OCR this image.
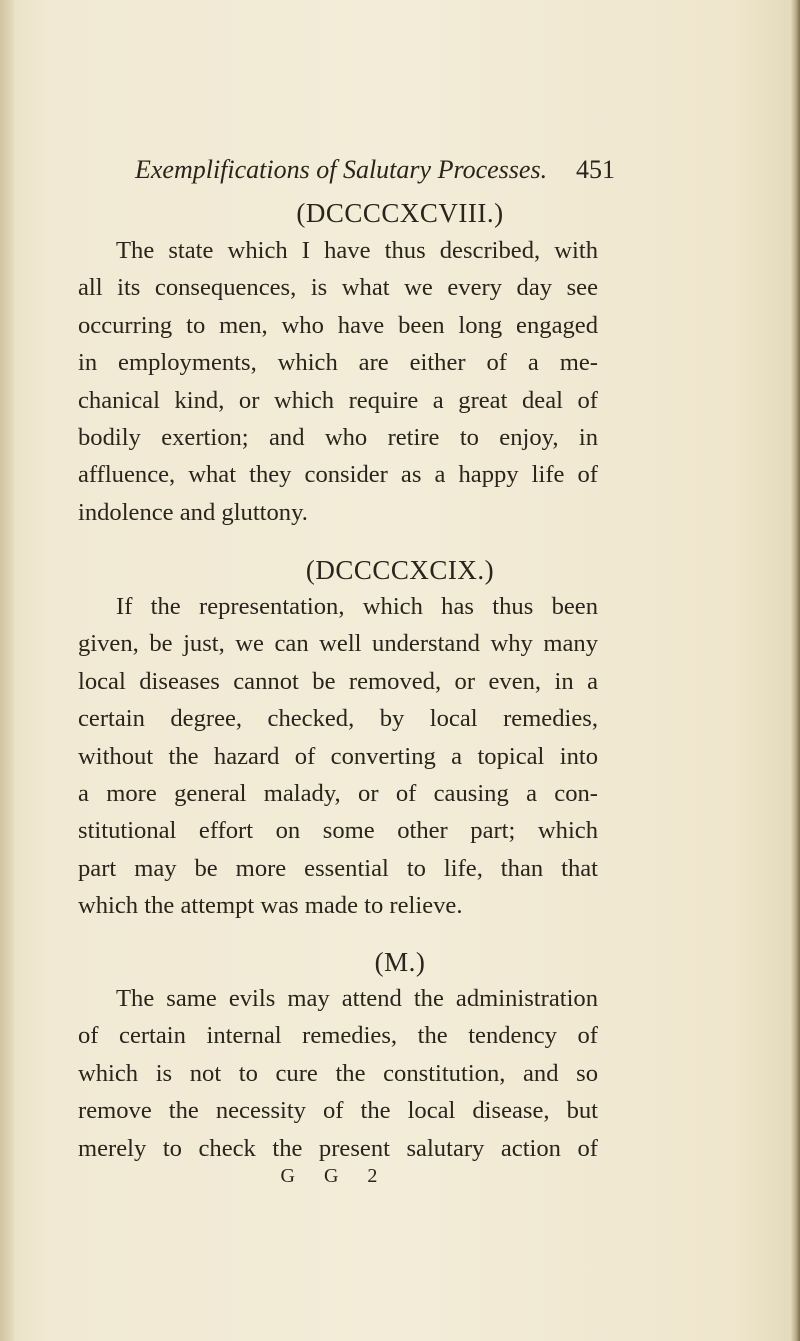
Exemplifications of Salutary Processes. 451
(DCCCCXCVIII.)
The state which I have thus described, with
all its consequences, is what we every day see
occurring to men, who have been long engaged
in employments, which are either of a me-
chanical kind, or which require a great deal of
bodily exertion; and who retire to enjoy, in
affluence, what they consider as a happy life of
indolence and gluttony.
(DCCCCXCIX.)
If the representation, which has thus been
given, be just, we can well understand why many
local diseases cannot be removed, or even, in a
certain degree, checked, by local remedies,
without the hazard of converting a topical into
a more general malady, or of causing a con-
stitutional effort on some other part; which
part may be more essential to life, than that
which the attempt was made to relieve.
(M.)
The same evils may attend the administration
of certain internal remedies, the tendency of
which is not to cure the constitution, and so
remove the necessity of the local disease, but
merely to check the present salutary action of
G G 2
